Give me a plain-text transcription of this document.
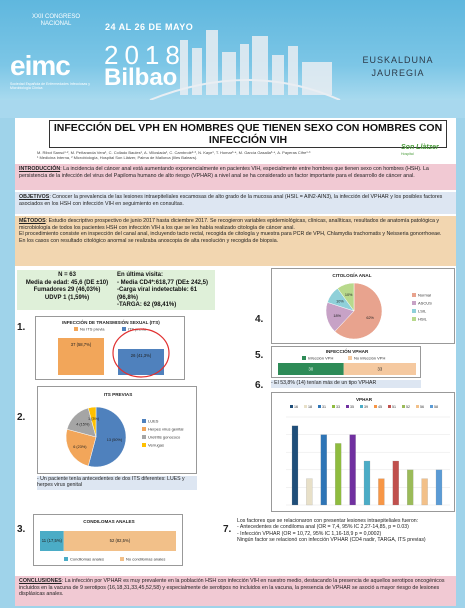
XXII CONGRESO NACIONAL
eimc
Sociedad Española de Enfermedades Infecciosas y Microbiología Clínica
24 AL 26 DE MAYO
2018
Bilbao
EUSKALDUNA
JAUREGIA
INFECCIÓN DEL VPH EN HOMBRES QUE TIENEN SEXO CON HOMBRES CON INFECCIÓN VIH
M. Ribot Sansó¹·², M. Peñaranda Vera¹, C. Collado Baules¹, A. Villoslada¹, C. Cambrolé²·³, N. Kaye¹, T. Homar³·⁴, M. García Gasalla³·⁴, A. Payeras Cifre¹·³
¹ Medicina Interna, ² Microbiología, Hospital Son Llàtzer, Palma de Mallorca (Illes Balears).
Son Llàtzer
Hospital
INTRODUCCIÓN: La incidencia del cáncer anal está aumentando exponencialmente en pacientes VIH, especialmente entre hombres que tienen sexo con hombres (HSH). La persistencia de la infección del virus del Papiloma humano de alto riesgo (VPHAR) a nivel anal se ha considerado un factor importante para el desarrollo de cáncer anal.
OBJETIVOS: Conocer la prevalencia de las lesiones intraepiteliales escamosas de alto grado de la mucosa anal (HSIL = AIN2-AIN3), la infección del VPHAR y los posibles factores asociados en los HSH con infección VIH en seguimiento en consultas.
MÉTODOS: Estudio descriptivo prospectivo de junio 2017 hasta diciembre 2017. Se recogieron variables epidemiológicas, clínicas, analíticas, resultados de anatomía patológica y microbiología de todos los pacientes HSH con infección VIH a los que se les había realizado citología de cáncer anal.
El procedimiento consiste en inspección del canal anal, incluyendo tacto rectal, recogida de citología y muestra para PCR de VPH, Chlamydia trachomatis y Neisseria gonorrhoeae.
En los casos con resultado citológico anormal se realizaba anoscopia de alta resolución y recogida de biopsia.
N = 63
Media de edad: 45,6 (DE ±10)
Fumadores 29 (46,03%)
UDVP 1 (1,59%)
En última visita:
- Media CD4*:618,77 (DE± 242,5)
-Carga viral indetectable: 61 (96,8%)
-TARGA: 62 (98,41%)
1.	INFECCIÓN DE TRANSMISIÓN SEXUAL (ITS)
No ITS previa	ITS previa
37 (58,7%)
26 (41,3%)
2.
ITS PREVIAS
13 (50%)
6 (23%)
4 (15%)
1 (3%)	LUES
Herpes virus genital
Uretritis gonococo
Verrugas
- Un paciente tenía antecedentes de dos ITS diferentes: LUES y herpes virus genital
3.
CONDILOMAS ANALES
11 (17,5%)	52 (82,5%)
Condilomas anales	No condilomas anales
4.
CITOLOGÍA ANAL
62%
18%
10%
10%	Normal
ASCUS
LSIL
HSIL
5.	INFECCIÓN VPHAR
Infección VPH	No infección VPH
30	33
- El 53,8% (14) tenían más de un tipo VPHAR
6.
VPHAR
16	18	31	33	35	39	45	51	52	56	58
7.
Los factores que se relacionaron con presentar lesiones intraepiteliales fueron:
- Antecedentes de condiloma anal (OR = 7,4, 95% IC 2,27-14,85, p = 0.03)
- Infección VPHAR (OR = 10,72, 95% IC 1,16-18,9 p = 0,0002)
Ningún factor se relacionó con infección VPHAR (CD4 nadir, TARGA, ITS previas)
CONCLUSIONES: La infección por VPHAR es muy prevalente en la población HSH con infección VIH en nuestro medio, destacando la presencia de aquellos serotipos oncogénicos incluidos en la vacuna de 9 serotipos (16,18,31,33,45,52,58) y especialmente de serotipos no incluidos en la vacuna, la presencia de VPHAR se asoció a mayor riesgo de lesiones displásicas anales.
